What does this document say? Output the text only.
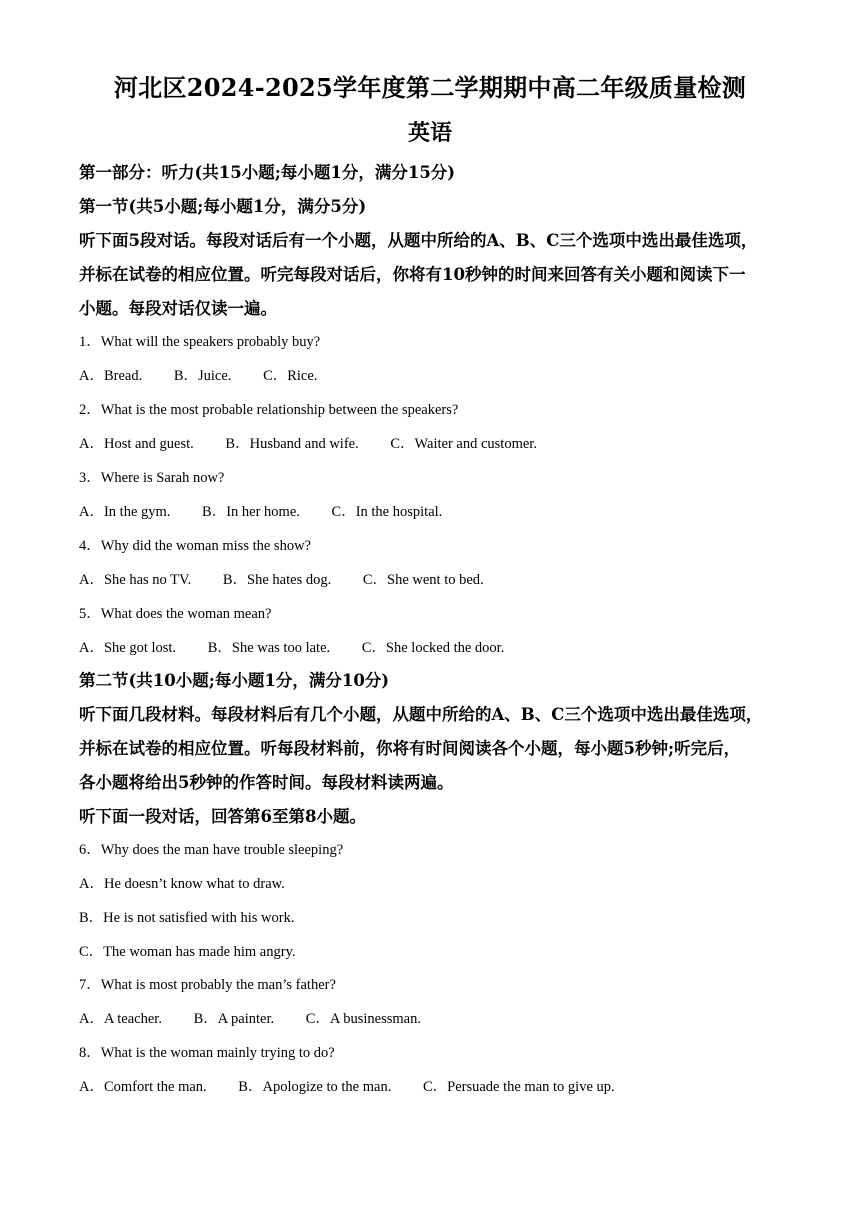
河北区2024-2025学年度第二学期期中高二年级质量检测
英语
第一部分：听力(共15小题;每小题1分，满分15分)
第一节(共5小题;每小题1分，满分5分)
听下面5段对话。每段对话后有一个小题，从题中所给的A、B、C三个选项中选出最佳选项，
并标在试卷的相应位置。听完每段对话后，你将有10秒钟的时间来回答有关小题和阅读下一
小题。每段对话仅读一遍。
1．What will the speakers probably buy?
A．Bread. B．Juice. C．Rice.
2．What is the most probable relationship between the speakers?
A．Host and guest. B．Husband and wife. C．Waiter and customer.
3．Where is Sarah now?
A．In the gym. B．In her home. C．In the hospital.
4．Why did the woman miss the show?
A．She has no TV. B．She hates dog. C．She went to bed.
5．What does the woman mean?
A．She got lost. B．She was too late. C．She locked the door.
第二节(共10小题;每小题1分，满分10分)
听下面几段材料。每段材料后有几个小题，从题中所给的A、B、C三个选项中选出最佳选项，
并标在试卷的相应位置。听每段材料前，你将有时间阅读各个小题，每小题5秒钟;听完后，
各小题将给出5秒钟的作答时间。每段材料读两遍。
听下面一段对话，回答第6至第8小题。
6．Why does the man have trouble sleeping?
A．He doesn’t know what to draw.
B．He is not satisfied with his work.
C．The woman has made him angry.
7．What is most probably the man’s father?
A．A teacher. B．A painter. C．A businessman.
8．What is the woman mainly trying to do?
A．Comfort the man. B．Apologize to the man. C．Persuade the man to give up.
